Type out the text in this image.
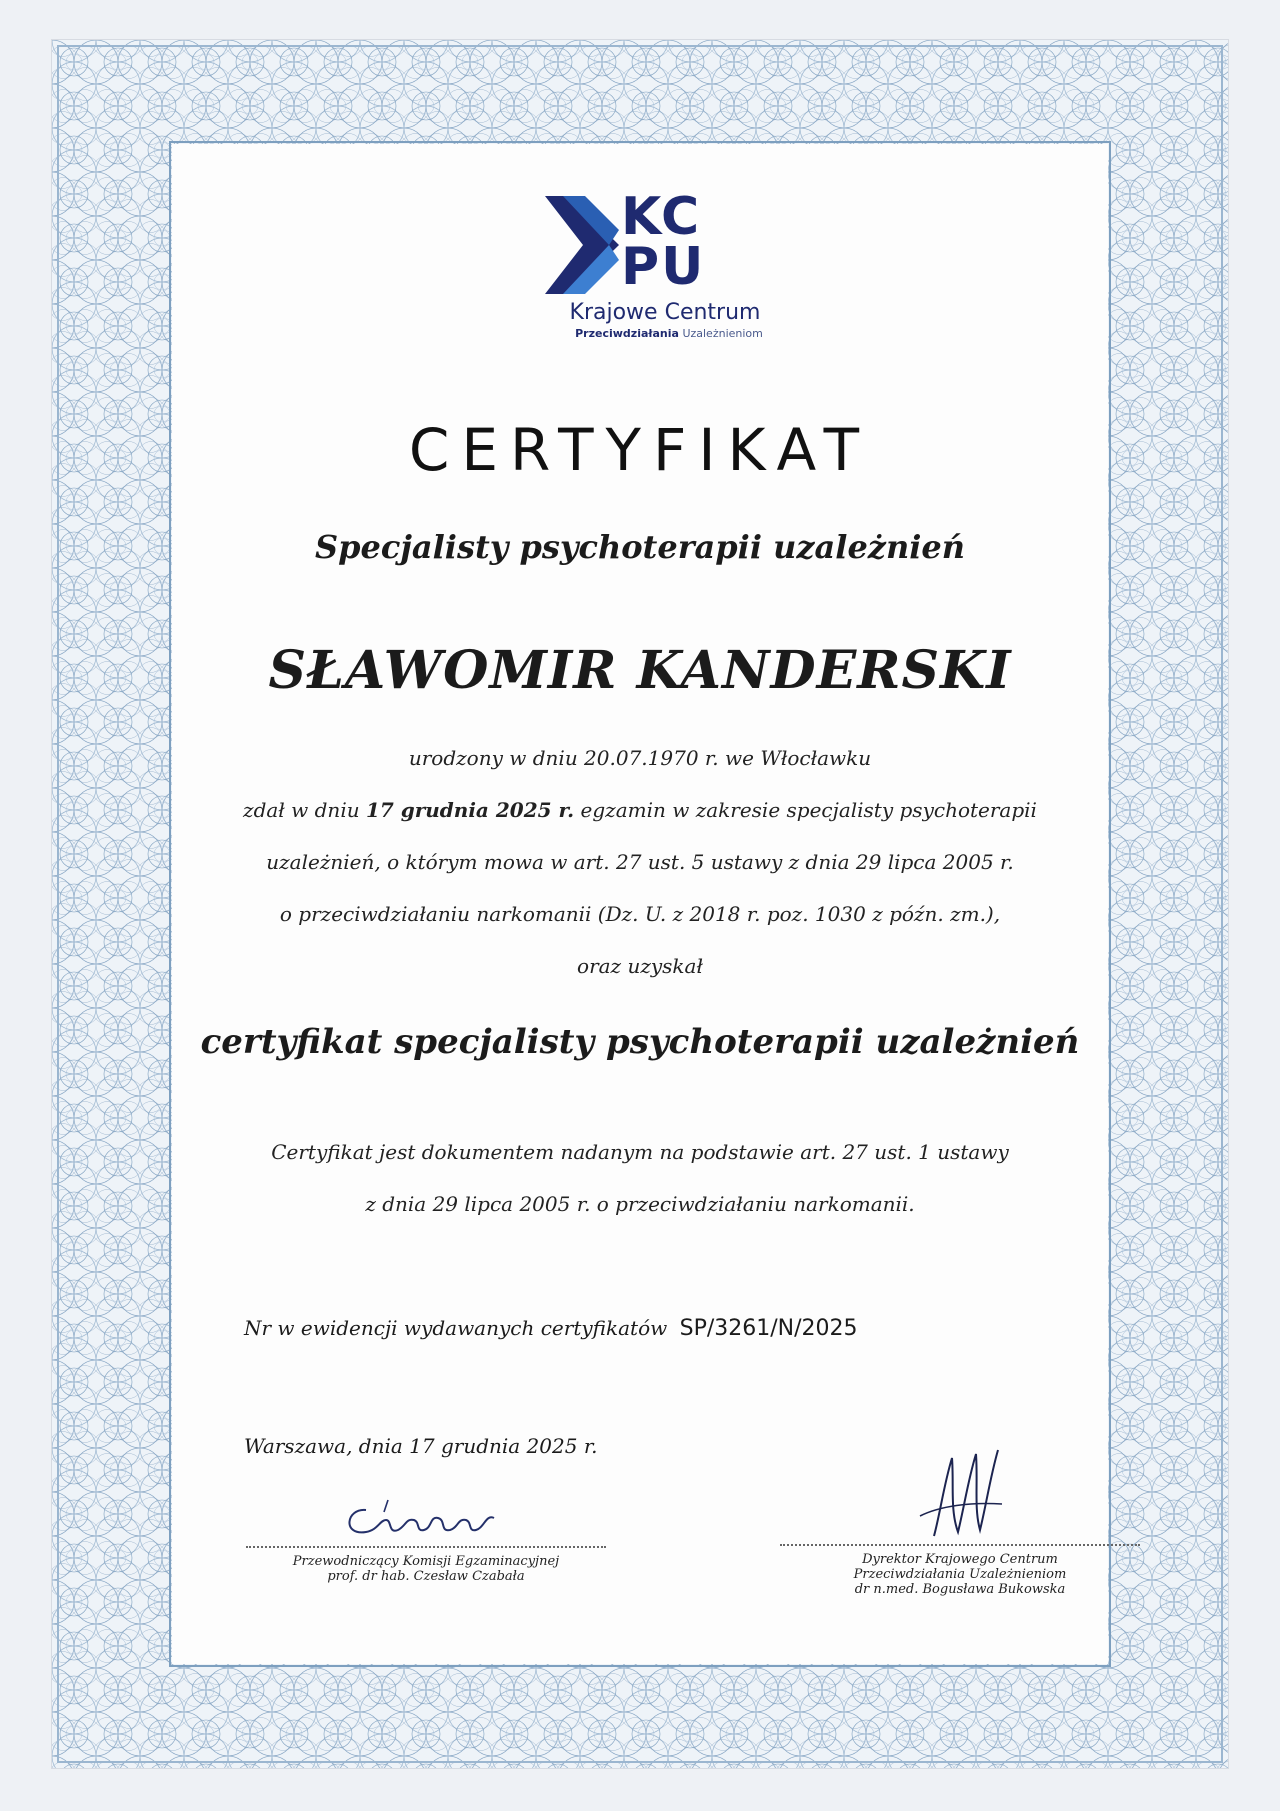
KC
PU
Krajowe Centrum
Przeciwdziałania Uzależnieniom
CERTYFIKAT
Specjalisty psychoterapii uzależnień
SŁAWOMIR KANDERSKI
urodzony w dniu 20.07.1970 r. we Włocławku
zdał w dniu 17 grudnia 2025 r. egzamin w zakresie specjalisty psychoterapii
uzależnień, o którym mowa w art. 27 ust. 5 ustawy z dnia 29 lipca 2005 r.
o przeciwdziałaniu narkomanii (Dz. U. z 2018 r. poz. 1030 z późn. zm.),
oraz uzyskał
certyfikat specjalisty psychoterapii uzależnień
Certyfikat jest dokumentem nadanym na podstawie art. 27 ust. 1 ustawy
z dnia 29 lipca 2005 r. o przeciwdziałaniu narkomanii.
Nr w ewidencji wydawanych certyfikatów SP/3261/N/2025
Warszawa, dnia 17 grudnia 2025 r.
Przewodniczący Komisji Egzaminacyjnej
prof. dr hab. Czesław Czabała
Dyrektor Krajowego Centrum
Przeciwdziałania Uzależnieniom
dr n.med. Bogusława Bukowska
